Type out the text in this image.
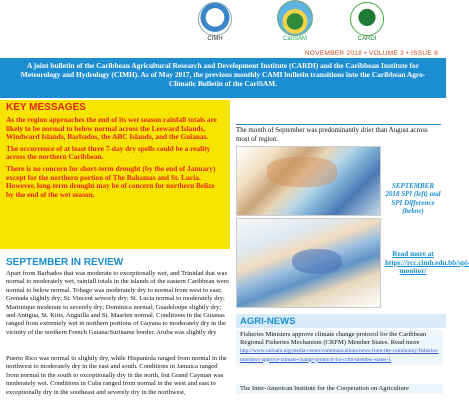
CIMH	CariSAM	CARDI
NOVEMBER 2018 • VOLUME 2 • ISSUE 8

A joint bulletin of the Caribbean Agricultural Research and Development Institute (CARDI) and the Caribbean Institute for Meteorology and Hydrology (CIMH). As of May 2017, the previous monthly CAMI bulletin transitions into the Caribbean Agro-Climatic Bulletin of the CariSAM.

KEY MESSAGES

As the region approaches the end of its wet season rainfall totals are likely to be normal to below normal across the Leeward Islands, Windward Islands, Barbados, the ABC Islands, and the Guianas.

The occurrence of at least three 7-day dry spells could be a reality across the northern Caribbean.

There is no concern for short-term drought (by the end of January) except for the northern portion of The Bahamas and St. Lucia. However, long-term drought may be of concern for northern Belize by the end of the wet season.

SEPTEMBER IN REVIEW

Apart from Barbados that was moderate to exceptionally wet, and Trinidad that was normal to moderately wet, rainfall totals in the islands of the eastern Caribbean were normal to below normal. Tobago was moderately dry to normal from west to east; Grenada slightly dry; St. Vincent severely dry; St. Lucia normal to moderately dry; Martinique moderate to severely dry; Dominica normal; Guadeloupe slightly dry; and Antigua, St. Kitts, Anguilla and St. Maarten normal. Conditions in the Guianas ranged from extremely wet in northern portions of Guyana to moderately dry in the vicinity of the northern French Guiana/Suriname border. Aruba was slightly dry

Puerto Rico was normal to slightly dry, while Hispaniola ranged from normal in the northwest to moderately dry in the east and south. Conditions in Jamaica ranged from normal in the south to exceptionally dry in the north, but Grand Cayman was moderately wet. Conditions in Cuba ranged from normal in the west and east to exceptionally dry in the southeast and severely dry in the northwest,

The month of September was predominantly drier than August across most of region.

SEPTEMBER 2018 SPI (left) and SPI Difference (below)
Read more at https://rcc.cimh.edu.bb/spi-monitor/
AGRI-NEWS
Fisheries Ministers approve climate change protocol for the Caribbean Regional Fisheries Mechanism (CRFM) Member States. Read more http://www.carisam.org/media-center/communications/news-from-the-community/fisheries-ministers-approve-climate-change-protocol-for-crfm-member-states-1
The Inter-American Institute for the Cooperation on Agriculture
